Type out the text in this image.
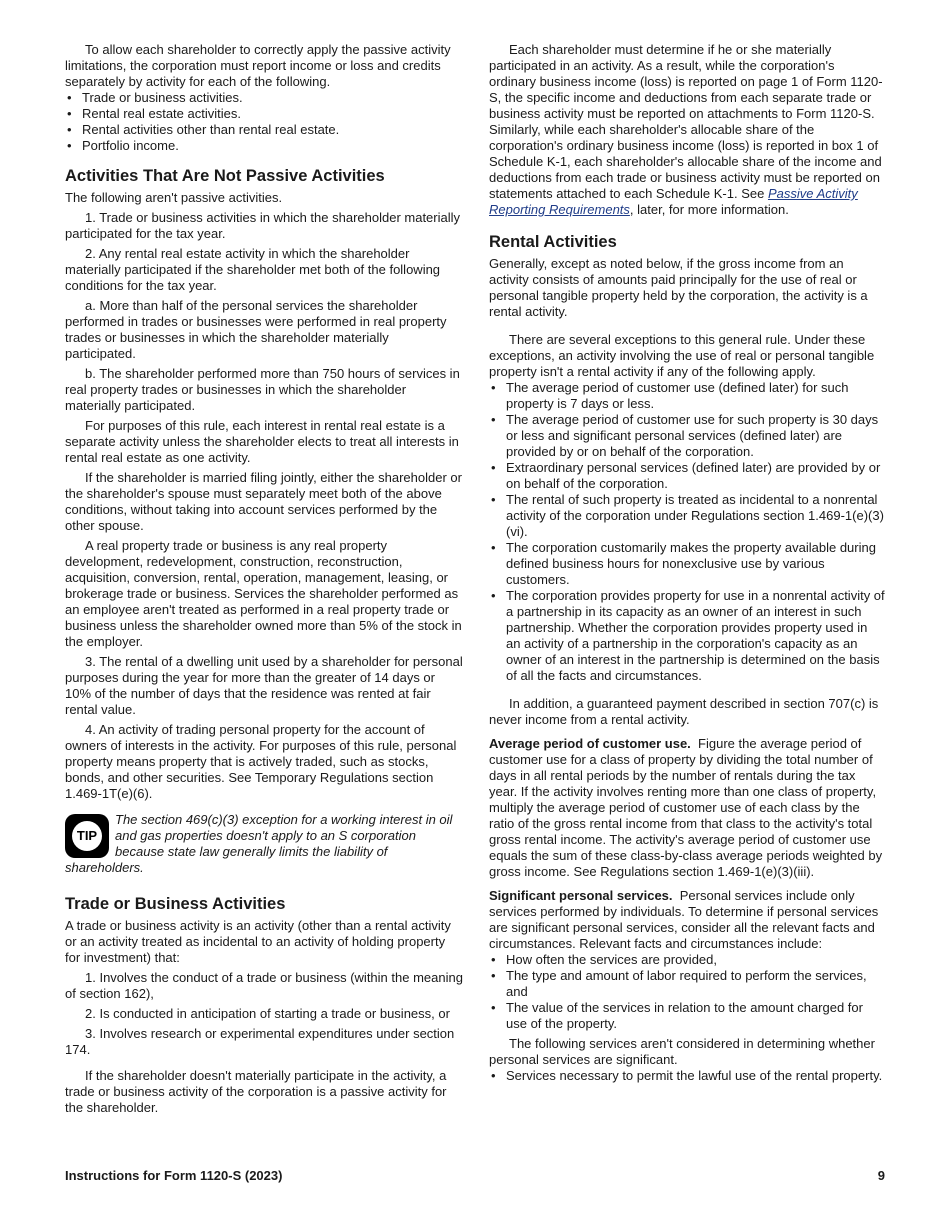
To allow each shareholder to correctly apply the passive activity limitations, the corporation must report income or loss and credits separately by activity for each of the following.

• Trade or business activities.

• Rental real estate activities.

• Rental activities other than rental real estate.

• Portfolio income.

Activities That Are Not Passive Activities

The following aren't passive activities.

1. Trade or business activities in which the shareholder materially participated for the tax year.

2. Any rental real estate activity in which the shareholder materially participated if the shareholder met both of the following conditions for the tax year.

a. More than half of the personal services the shareholder performed in trades or businesses were performed in real property trades or businesses in which the shareholder materially participated.

b. The shareholder performed more than 750 hours of services in real property trades or businesses in which the shareholder materially participated.

For purposes of this rule, each interest in rental real estate is a separate activity unless the shareholder elects to treat all interests in rental real estate as one activity.

If the shareholder is married filing jointly, either the shareholder or the shareholder's spouse must separately meet both of the above conditions, without taking into account services performed by the other spouse.

A real property trade or business is any real property development, redevelopment, construction, reconstruction, acquisition, conversion, rental, operation, management, leasing, or brokerage trade or business. Services the shareholder performed as an employee aren't treated as performed in a real property trade or business unless the shareholder owned more than 5% of the stock in the employer.

3. The rental of a dwelling unit used by a shareholder for personal purposes during the year for more than the greater of 14 days or 10% of the number of days that the residence was rented at fair rental value.

4. An activity of trading personal property for the account of owners of interests in the activity. For purposes of this rule, personal property means property that is actively traded, such as stocks, bonds, and other securities. See Temporary Regulations section 1.469-1T(e)(6).

TIP

The section 469(c)(3) exception for a working interest in oil and gas properties doesn't apply to an S corporation because state law generally limits the liability of shareholders.

Trade or Business Activities

A trade or business activity is an activity (other than a rental activity or an activity treated as incidental to an activity of holding property for investment) that:

1. Involves the conduct of a trade or business (within the meaning of section 162),

2. Is conducted in anticipation of starting a trade or business, or

3. Involves research or experimental expenditures under section 174.

If the shareholder doesn't materially participate in the activity, a trade or business activity of the corporation is a passive activity for the shareholder.

Each shareholder must determine if he or she materially participated in an activity. As a result, while the corporation's ordinary business income (loss) is reported on page 1 of Form 1120-S, the specific income and deductions from each separate trade or business activity must be reported on attachments to Form 1120-S. Similarly, while each shareholder's allocable share of the corporation's ordinary business income (loss) is reported in box 1 of Schedule K-1, each shareholder's allocable share of the income and deductions from each trade or business activity must be reported on statements attached to each Schedule K-1. See Passive Activity Reporting Requirements, later, for more information.

Rental Activities

Generally, except as noted below, if the gross income from an activity consists of amounts paid principally for the use of real or personal tangible property held by the corporation, the activity is a rental activity.

There are several exceptions to this general rule. Under these exceptions, an activity involving the use of real or personal tangible property isn't a rental activity if any of the following apply.

• The average period of customer use (defined later) for such property is 7 days or less.

• The average period of customer use for such property is 30 days or less and significant personal services (defined later) are provided by or on behalf of the corporation.

• Extraordinary personal services (defined later) are provided by or on behalf of the corporation.

• The rental of such property is treated as incidental to a nonrental activity of the corporation under Regulations section 1.469-1(e)(3)(vi).

• The corporation customarily makes the property available during defined business hours for nonexclusive use by various customers.

• The corporation provides property for use in a nonrental activity of a partnership in its capacity as an owner of an interest in such partnership. Whether the corporation provides property used in an activity of a partnership in the corporation's capacity as an owner of an interest in the partnership is determined on the basis of all the facts and circumstances.

In addition, a guaranteed payment described in section 707(c) is never income from a rental activity.

Average period of customer use. Figure the average period of customer use for a class of property by dividing the total number of days in all rental periods by the number of rentals during the tax year. If the activity involves renting more than one class of property, multiply the average period of customer use of each class by the ratio of the gross rental income from that class to the activity's total gross rental income. The activity's average period of customer use equals the sum of these class-by-class average periods weighted by gross income. See Regulations section 1.469-1(e)(3)(iii).

Significant personal services. Personal services include only services performed by individuals. To determine if personal services are significant personal services, consider all the relevant facts and circumstances. Relevant facts and circumstances include:

• How often the services are provided,

• The type and amount of labor required to perform the services, and

• The value of the services in relation to the amount charged for use of the property.

The following services aren't considered in determining whether personal services are significant.

• Services necessary to permit the lawful use of the rental property.

Instructions for Form 1120-S (2023)	9
